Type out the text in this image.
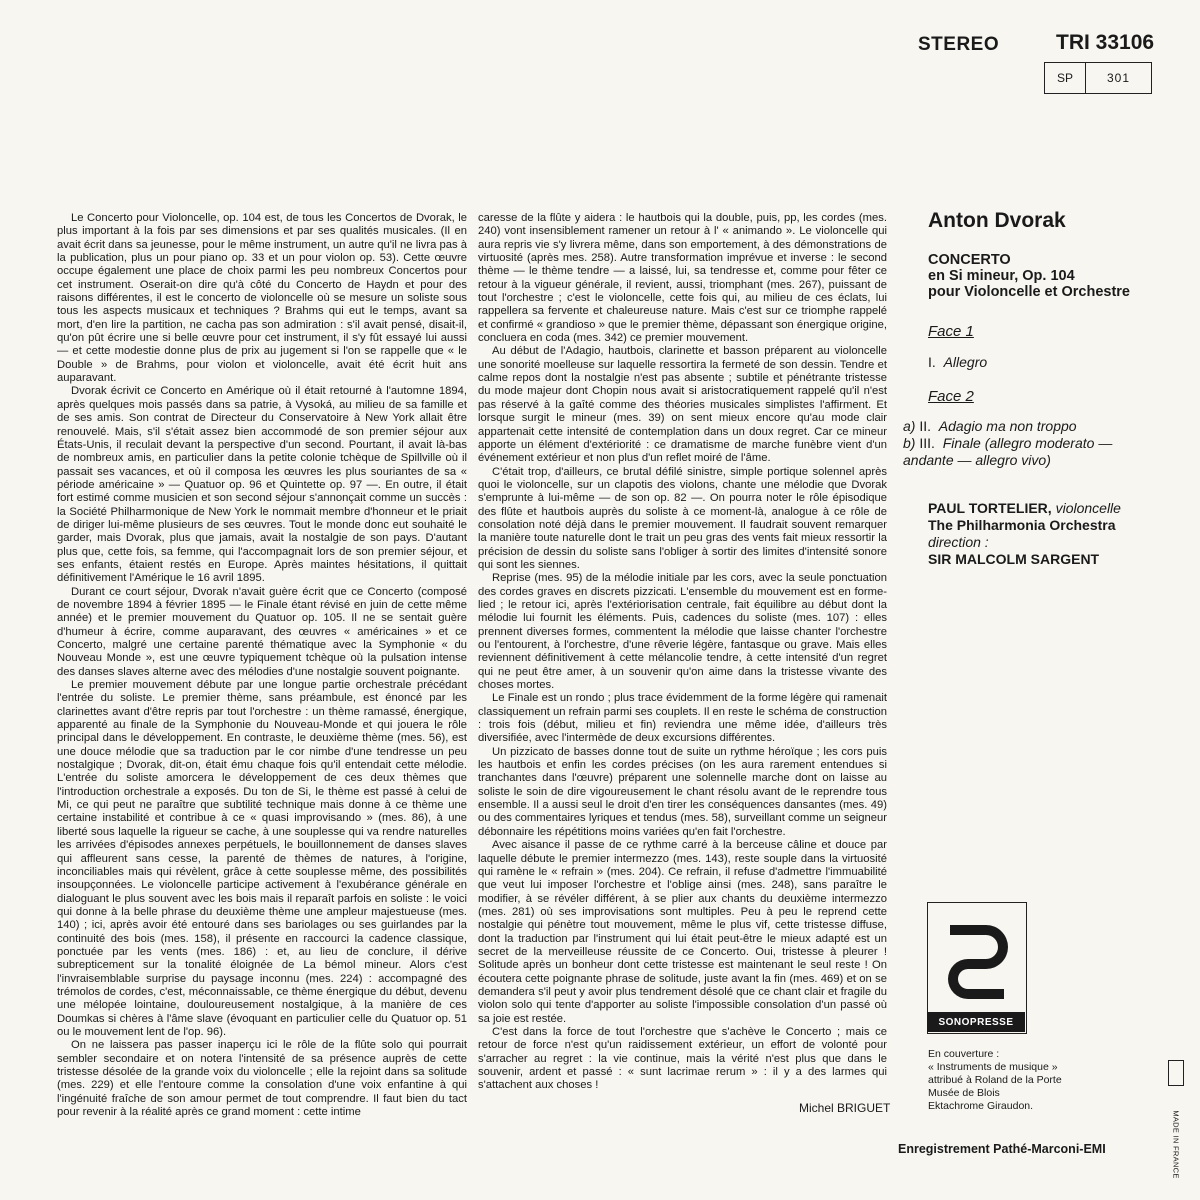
STEREO	TRI 33106
SP	301

Le Concerto pour Violoncelle, op. 104 est, de tous les Concertos de Dvorak, le plus important à la fois par ses dimensions et par ses qualités musicales. (Il en avait écrit dans sa jeunesse, pour le même instrument, un autre qu'il ne livra pas à la publication, plus un pour piano op. 33 et un pour violon op. 53). Cette œuvre occupe également une place de choix parmi les peu nombreux Concertos pour cet instrument. Oserait-on dire qu'à côté du Concerto de Haydn et pour des raisons différentes, il est le concerto de violoncelle où se mesure un soliste sous tous les aspects musicaux et techniques ? Brahms qui eut le temps, avant sa mort, d'en lire la partition, ne cacha pas son admiration : s'il avait pensé, disait-il, qu'on pût écrire une si belle œuvre pour cet instrument, il s'y fût essayé lui aussi — et cette modestie donne plus de prix au jugement si l'on se rappelle que « le Double » de Brahms, pour violon et violoncelle, avait été écrit huit ans auparavant.

Dvorak écrivit ce Concerto en Amérique où il était retourné à l'automne 1894, après quelques mois passés dans sa patrie, à Vysoká, au milieu de sa famille et de ses amis. Son contrat de Directeur du Conservatoire à New York allait être renouvelé. Mais, s'il s'était assez bien accommodé de son premier séjour aux États-Unis, il reculait devant la perspective d'un second. Pourtant, il avait là-bas de nombreux amis, en particulier dans la petite colonie tchèque de Spillville où il passait ses vacances, et où il composa les œuvres les plus souriantes de sa « période américaine » — Quatuor op. 96 et Quintette op. 97 —. En outre, il était fort estimé comme musicien et son second séjour s'annonçait comme un succès : la Société Philharmonique de New York le nommait membre d'honneur et le priait de diriger lui-même plusieurs de ses œuvres. Tout le monde donc eut souhaité le garder, mais Dvorak, plus que jamais, avait la nostalgie de son pays. D'autant plus que, cette fois, sa femme, qui l'accompagnait lors de son premier séjour, et ses enfants, étaient restés en Europe. Après maintes hésitations, il quittait définitivement l'Amérique le 16 avril 1895.

Durant ce court séjour, Dvorak n'avait guère écrit que ce Concerto (composé de novembre 1894 à février 1895 — le Finale étant révisé en juin de cette même année) et le premier mouvement du Quatuor op. 105. Il ne se sentait guère d'humeur à écrire, comme auparavant, des œuvres « américaines » et ce Concerto, malgré une certaine parenté thématique avec la Symphonie « du Nouveau Monde », est une œuvre typiquement tchèque où la pulsation intense des danses slaves alterne avec des mélodies d'une nostalgie souvent poignante.

Le premier mouvement débute par une longue partie orchestrale précédant l'entrée du soliste. Le premier thème, sans préambule, est énoncé par les clarinettes avant d'être repris par tout l'orchestre : un thème ramassé, énergique, apparenté au finale de la Symphonie du Nouveau-Monde et qui jouera le rôle principal dans le développement. En contraste, le deuxième thème (mes. 56), est une douce mélodie que sa traduction par le cor nimbe d'une tendresse un peu nostalgique ; Dvorak, dit-on, était ému chaque fois qu'il entendait cette mélodie. L'entrée du soliste amorcera le développement de ces deux thèmes que l'introduction orchestrale a exposés. Du ton de Si, le thème est passé à celui de Mi, ce qui peut ne paraître que subtilité technique mais donne à ce thème une certaine instabilité et contribue à ce « quasi improvisando » (mes. 86), à une liberté sous laquelle la rigueur se cache, à une souplesse qui va rendre naturelles les arrivées d'épisodes annexes perpétuels, le bouillonnement de danses slaves qui affleurent sans cesse, la parenté de thèmes de natures, à l'origine, inconciliables mais qui révèlent, grâce à cette souplesse même, des possibilités insoupçonnées. Le violoncelle participe activement à l'exubérance générale en dialoguant le plus souvent avec les bois mais il reparaît parfois en soliste : le voici qui donne à la belle phrase du deuxième thème une ampleur majestueuse (mes. 140) ; ici, après avoir été entouré dans ses bariolages ou ses guirlandes par la continuité des bois (mes. 158), il présente en raccourci la cadence classique, ponctuée par les vents (mes. 186) : et, au lieu de conclure, il dérive subrepticement sur la tonalité éloignée de La bémol mineur. Alors c'est l'invraisemblable surprise du paysage inconnu (mes. 224) : accompagné des trémolos de cordes, c'est, méconnaissable, ce thème énergique du début, devenu une mélopée lointaine, douloureusement nostalgique, à la manière de ces Doumkas si chères à l'âme slave (évoquant en particulier celle du Quatuor op. 51 ou le mouvement lent de l'op. 96).

On ne laissera pas passer inaperçu ici le rôle de la flûte solo qui pourrait sembler secondaire et on notera l'intensité de sa présence auprès de cette tristesse désolée de la grande voix du violoncelle ; elle la rejoint dans sa solitude (mes. 229) et elle l'entoure comme la consolation d'une voix enfantine à qui l'ingénuité fraîche de son amour permet de tout comprendre. Il faut bien du tact pour revenir à la réalité après ce grand moment : cette intime

caresse de la flûte y aidera : le hautbois qui la double, puis, pp, les cordes (mes. 240) vont insensiblement ramener un retour à l' « animando ». Le violoncelle qui aura repris vie s'y livrera même, dans son emportement, à des démonstrations de virtuosité (après mes. 258). Autre transformation imprévue et inverse : le second thème — le thème tendre — a laissé, lui, sa tendresse et, comme pour fêter ce retour à la vigueur générale, il revient, aussi, triomphant (mes. 267), puissant de tout l'orchestre ; c'est le violoncelle, cette fois qui, au milieu de ces éclats, lui rappellera sa fervente et chaleureuse nature. Mais c'est sur ce triomphe rappelé et confirmé « grandioso » que le premier thème, dépassant son énergique origine, concluera en coda (mes. 342) ce premier mouvement.

Au début de l'Adagio, hautbois, clarinette et basson préparent au violoncelle une sonorité moelleuse sur laquelle ressortira la fermeté de son dessin. Tendre et calme repos dont la nostalgie n'est pas absente ; subtile et pénétrante tristesse du mode majeur dont Chopin nous avait si aristocratiquement rappelé qu'il n'est pas réservé à la gaîté comme des théories musicales simplistes l'affirment. Et lorsque surgit le mineur (mes. 39) on sent mieux encore qu'au mode clair appartenait cette intensité de contemplation dans un doux regret. Car ce mineur apporte un élément d'extériorité : ce dramatisme de marche funèbre vient d'un événement extérieur et non plus d'un reflet moiré de l'âme.

C'était trop, d'ailleurs, ce brutal défilé sinistre, simple portique solennel après quoi le violoncelle, sur un clapotis des violons, chante une mélodie que Dvorak s'emprunte à lui-même — de son op. 82 —. On pourra noter le rôle épisodique des flûte et hautbois auprès du soliste à ce moment-là, analogue à ce rôle de consolation noté déjà dans le premier mouvement. Il faudrait souvent remarquer la manière toute naturelle dont le trait un peu gras des vents fait mieux ressortir la précision de dessin du soliste sans l'obliger à sortir des limites d'intensité sonore qui sont les siennes.

Reprise (mes. 95) de la mélodie initiale par les cors, avec la seule ponctuation des cordes graves en discrets pizzicati. L'ensemble du mouvement est en forme-lied ; le retour ici, après l'extériorisation centrale, fait équilibre au début dont la mélodie lui fournit les éléments. Puis, cadences du soliste (mes. 107) : elles prennent diverses formes, commentent la mélodie que laisse chanter l'orchestre ou l'entourent, à l'orchestre, d'une rêverie légère, fantasque ou grave. Mais elles reviennent définitivement à cette mélancolie tendre, à cette intensité d'un regret qui ne peut être amer, à un souvenir qu'on aime dans la tristesse vivante des choses mortes.

Le Finale est un rondo ; plus trace évidemment de la forme légère qui ramenait classiquement un refrain parmi ses couplets. Il en reste le schéma de construction : trois fois (début, milieu et fin) reviendra une même idée, d'ailleurs très diversifiée, avec l'intermède de deux excursions différentes.

Un pizzicato de basses donne tout de suite un rythme héroïque ; les cors puis les hautbois et enfin les cordes précises (on les aura rarement entendues si tranchantes dans l'œuvre) préparent une solennelle marche dont on laisse au soliste le soin de dire vigoureusement le chant résolu avant de le reprendre tous ensemble. Il a aussi seul le droit d'en tirer les conséquences dansantes (mes. 49) ou des commentaires lyriques et tendus (mes. 58), surveillant comme un seigneur débonnaire les répétitions moins variées qu'en fait l'orchestre.

Avec aisance il passe de ce rythme carré à la berceuse câline et douce par laquelle débute le premier intermezzo (mes. 143), reste souple dans la virtuosité qui ramène le « refrain » (mes. 204). Ce refrain, il refuse d'admettre l'immuabilité que veut lui imposer l'orchestre et l'oblige ainsi (mes. 248), sans paraître le modifier, à se révéler différent, à se plier aux chants du deuxième intermezzo (mes. 281) où ses improvisations sont multiples. Peu à peu le reprend cette nostalgie qui pénètre tout mouvement, même le plus vif, cette tristesse diffuse, dont la traduction par l'instrument qui lui était peut-être le mieux adapté est un secret de la merveilleuse réussite de ce Concerto. Oui, tristesse à pleurer ! Solitude après un bonheur dont cette tristesse est maintenant le seul reste ! On écoutera cette poignante phrase de solitude, juste avant la fin (mes. 469) et on se demandera s'il peut y avoir plus tendrement désolé que ce chant clair et fragile du violon solo qui tente d'apporter au soliste l'impossible consolation d'un passé où sa joie est restée.

C'est dans la force de tout l'orchestre que s'achève le Concerto ; mais ce retour de force n'est qu'un raidissement extérieur, un effort de volonté pour s'arracher au regret : la vie continue, mais la vérité n'est plus que dans le souvenir, ardent et passé : « sunt lacrimae rerum » : il y a des larmes qui s'attachent aux choses !

Michel BRIGUET
Anton Dvorak
CONCERTO
en Si mineur, Op. 104
pour Violoncelle et Orchestre
Face 1
I. Allegro
Face 2
a) II. Adagio ma non troppo
b) III. Finale (allegro moderato — andante — allegro vivo)
PAUL TORTELIER, violoncelle
The Philharmonia Orchestra
direction :
SIR MALCOLM SARGENT
SONOPRESSE
En couverture :
« Instruments de musique »
attribué à Roland de la Porte
Musée de Blois
Ektachrome Giraudon.
Enregistrement Pathé-Marconi-EMI	MADE IN FRANCE
